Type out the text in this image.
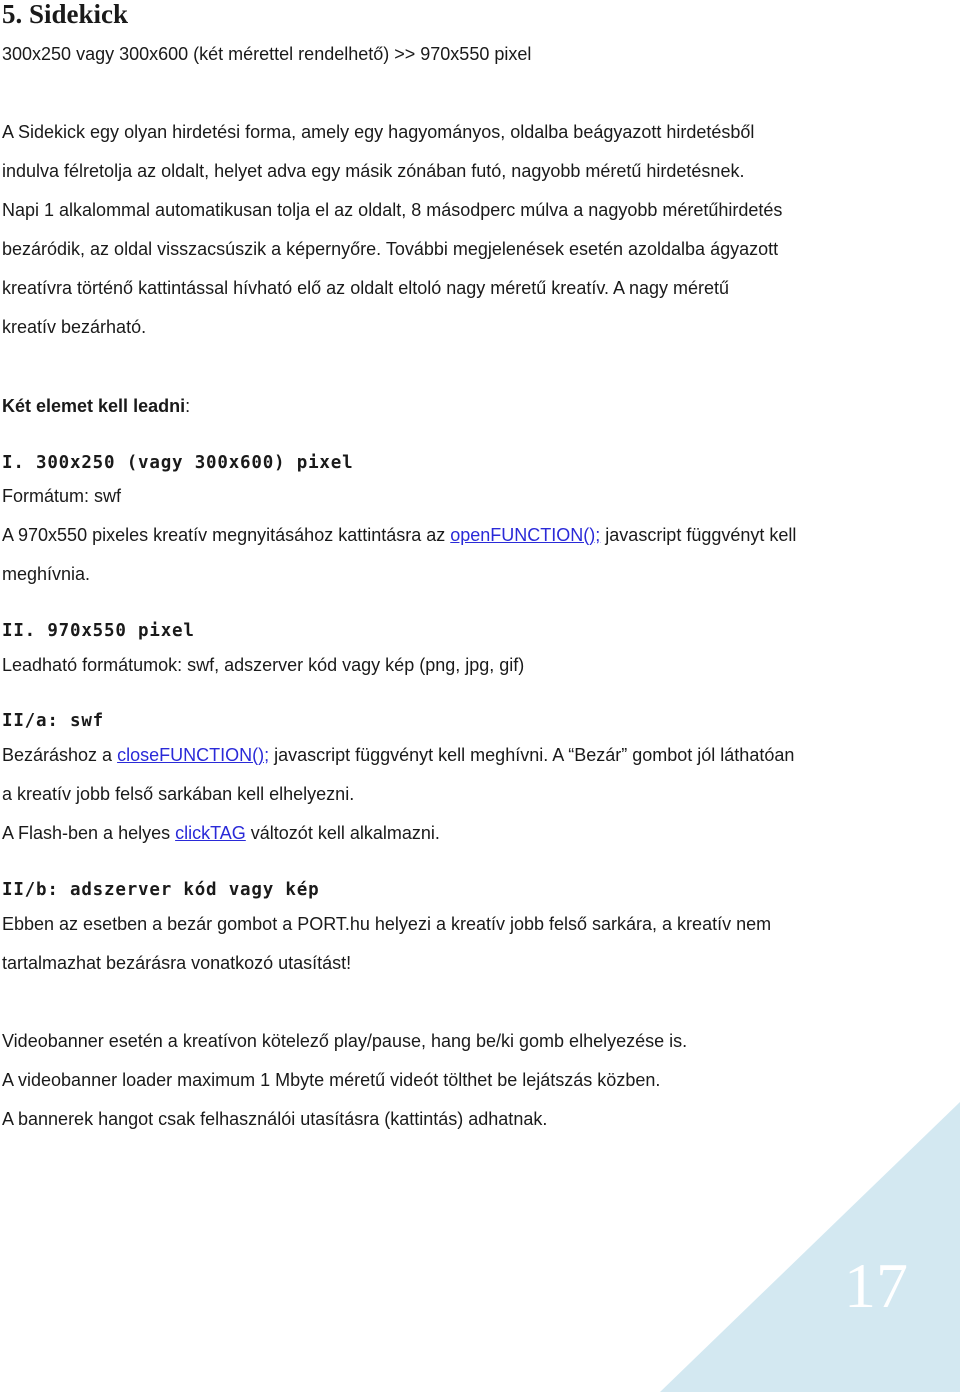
5. Sidekick

300x250 vagy 300x600 (két mérettel rendelhető) >> 970x550 pixel

A Sidekick egy olyan hirdetési forma, amely egy hagyományos, oldalba beágyazott hirdetésből

indulva félretolja az oldalt, helyet adva egy másik zónában futó, nagyobb méretű hirdetésnek.

Napi 1 alkalommal automatikusan tolja el az oldalt, 8 másodperc múlva a nagyobb méretűhirdetés

bezáródik, az oldal visszacsúszik a képernyőre. További megjelenések esetén azoldalba ágyazott

kreatívra történő kattintással hívható elő az oldalt eltoló nagy méretű kreatív. A nagy méretű

kreatív bezárható.

Két elemet kell leadni:

I. 300x250 (vagy 300x600) pixel

Formátum: swf

A 970x550 pixeles kreatív megnyitásához kattintásra az openFUNCTION(); javascript függvényt kell

meghívnia.

II. 970x550 pixel

Leadható formátumok: swf, adszerver kód vagy kép (png, jpg, gif)

II/a: swf

Bezáráshoz a closeFUNCTION(); javascript függvényt kell meghívni. A “Bezár” gombot jól láthatóan

a kreatív jobb felső sarkában kell elhelyezni.

A Flash-ben a helyes clickTAG változót kell alkalmazni.

II/b: adszerver kód vagy kép

Ebben az esetben a bezár gombot a PORT.hu helyezi a kreatív jobb felső sarkára, a kreatív nem

tartalmazhat bezárásra vonatkozó utasítást!

Videobanner esetén a kreatívon kötelező play/pause, hang be/ki gomb elhelyezése is.

A videobanner loader maximum 1 Mbyte méretű videót tölthet be lejátszás közben.

A bannerek hangot csak felhasználói utasításra (kattintás) adhatnak.

17
